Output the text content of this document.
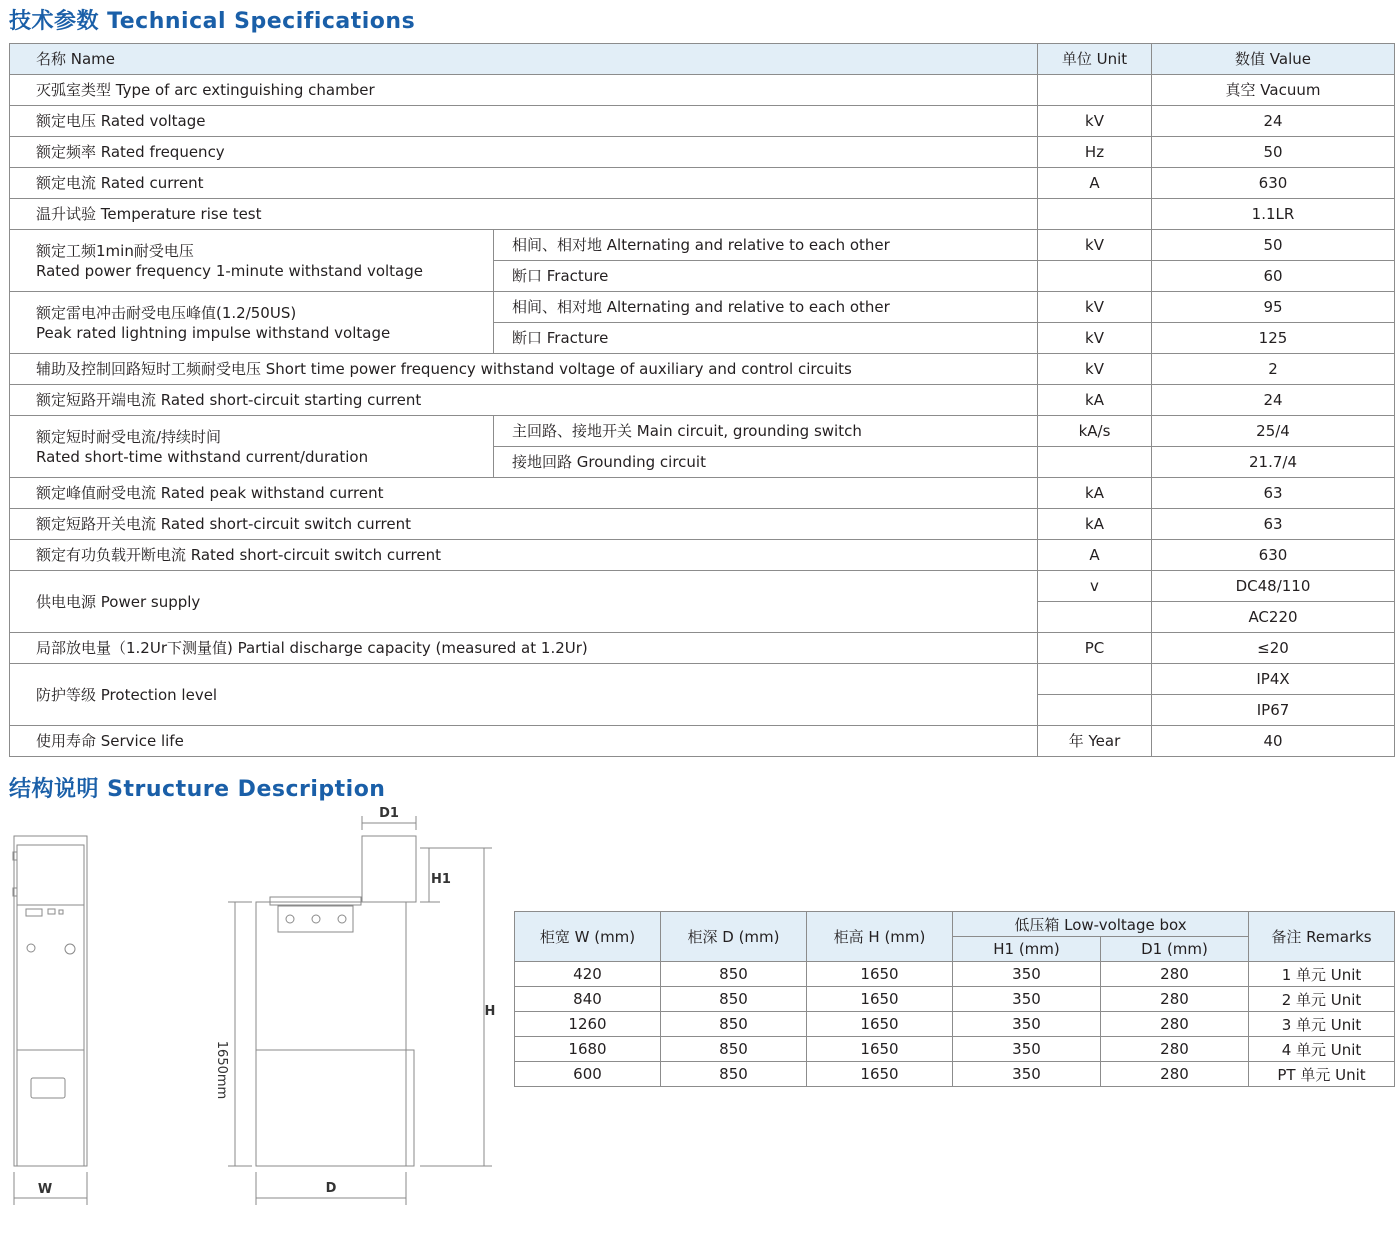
技术参数 Technical Specifications
名称 Name		单位 Unit	数值 Value
灭弧室类型 Type of arc extinguishing chamber			真空 Vacuum
额定电压 Rated voltage		kV	24
额定频率 Rated frequency		Hz	50
额定电流 Rated current		A	630
温升试验 Temperature rise test			1.1LR

额定工频1min耐受电压
Rated power frequency 1-minute withstand voltage	相间、相对地 Alternating and relative to each other	kV	50
	断口 Fracture		60

额定雷电冲击耐受电压峰值(1.2/50US)
Peak rated lightning impulse withstand voltage	相间、相对地 Alternating and relative to each other	kV	95
	断口 Fracture	kV	125
辅助及控制回路短时工频耐受电压 Short time power frequency withstand voltage of auxiliary and control circuits		kV	2
额定短路开端电流 Rated short-circuit starting current		kA	24

额定短时耐受电流/持续时间
Rated short-time withstand current/duration	主回路、接地开关 Main circuit, grounding switch	kA/s	25/4
	接地回路 Grounding circuit		21.7/4
额定峰值耐受电流 Rated peak withstand current		kA	63
额定短路开关电流 Rated short-circuit switch current		kA	63
额定有功负载开断电流 Rated short-circuit switch current		A	630
供电电源 Power supply		v	DC48/110
			AC220
局部放电量（1.2Ur下测量值) Partial discharge capacity (measured at 1.2Ur)		PC	≤20
防护等级 Protection level			IP4X
			IP67
使用寿命 Service life		年 Year	40
结构说明 Structure Description
W	D
H
H1
D1
1650mm
柜宽 W (mm)	柜深 D (mm)	柜高 H (mm)	低压箱 Low-voltage box		备注 Remarks
			H1 (mm)	D1 (mm)	
420	850	1650	350	280	1 单元 Unit
840	850	1650	350	280	2 单元 Unit
1260	850	1650	350	280	3 单元 Unit
1680	850	1650	350	280	4 单元 Unit
600	850	1650	350	280	PT 单元 Unit
